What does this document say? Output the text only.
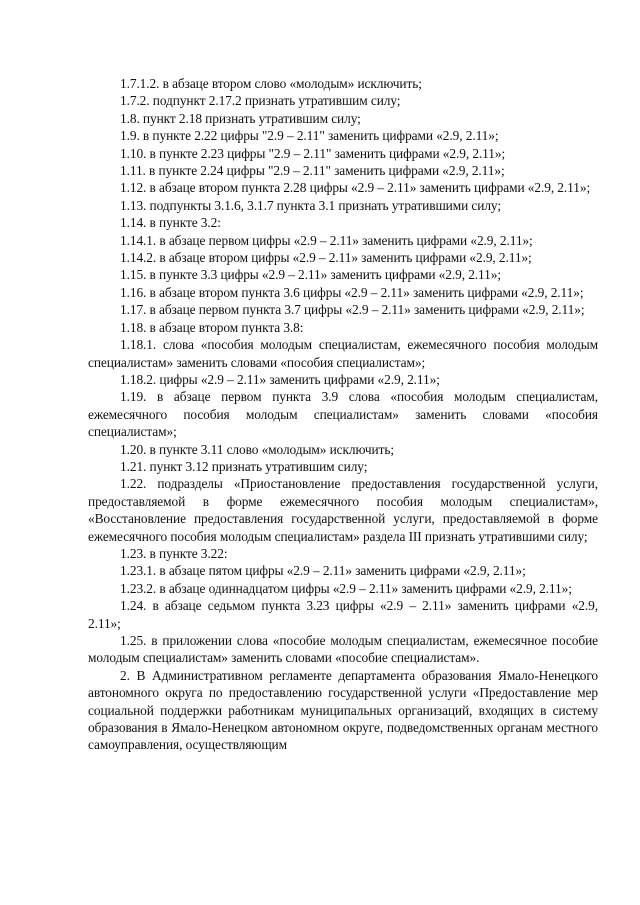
1.7.1.2. в абзаце втором слово «молодым» исключить;

1.7.2. подпункт 2.17.2 признать утратившим силу;

1.8. пункт 2.18 признать утратившим силу;

1.9. в пункте 2.22 цифры "2.9 – 2.11" заменить цифрами «2.9, 2.11»;

1.10. в пункте 2.23 цифры "2.9 – 2.11" заменить цифрами «2.9, 2.11»;

1.11. в пункте 2.24 цифры "2.9 – 2.11" заменить цифрами «2.9, 2.11»;

1.12. в абзаце втором пункта 2.28 цифры «2.9 – 2.11» заменить цифрами «2.9, 2.11»;

1.13. подпункты 3.1.6, 3.1.7 пункта 3.1 признать утратившими силу;

1.14. в пункте 3.2:

1.14.1. в абзаце первом цифры «2.9 – 2.11» заменить цифрами «2.9, 2.11»;

1.14.2. в абзаце втором цифры «2.9 – 2.11» заменить цифрами «2.9, 2.11»;

1.15. в пункте 3.3 цифры «2.9 – 2.11» заменить цифрами «2.9, 2.11»;

1.16. в абзаце втором пункта 3.6 цифры «2.9 – 2.11» заменить цифрами «2.9, 2.11»;

1.17. в абзаце первом пункта 3.7 цифры «2.9 – 2.11» заменить цифрами «2.9, 2.11»;

1.18. в абзаце втором пункта 3.8:

1.18.1. слова «пособия молодым специалистам, ежемесячного пособия молодым специалистам» заменить словами «пособия специалистам»;

1.18.2. цифры «2.9 – 2.11» заменить цифрами «2.9, 2.11»;

1.19. в абзаце первом пункта 3.9 слова «пособия молодым специалистам, ежемесячного пособия молодым специалистам» заменить словами «пособия специалистам»;

1.20. в пункте 3.11 слово «молодым» исключить;

1.21. пункт 3.12 признать утратившим силу;

1.22. подразделы «Приостановление предоставления государственной услуги, предоставляемой в форме ежемесячного пособия молодым специалистам», «Восстановление предоставления государственной услуги, предоставляемой в форме ежемесячного пособия молодым специалистам» раздела III признать утратившими силу;

1.23. в пункте 3.22:

1.23.1. в абзаце пятом цифры «2.9 – 2.11» заменить цифрами «2.9, 2.11»;

1.23.2. в абзаце одиннадцатом цифры «2.9 – 2.11» заменить цифрами «2.9, 2.11»;

1.24. в абзаце седьмом пункта 3.23 цифры «2.9 – 2.11» заменить цифрами «2.9, 2.11»;

1.25. в приложении слова «пособие молодым специалистам, ежемесячное пособие молодым специалистам» заменить словами «пособие специалистам».

2. В Административном регламенте департамента образования Ямало-Ненецкого автономного округа по предоставлению государственной услуги «Предоставление мер социальной поддержки работникам муниципальных организаций, входящих в систему образования в Ямало-Ненецком автономном округе, подведомственных органам местного самоуправления, осуществляющим
